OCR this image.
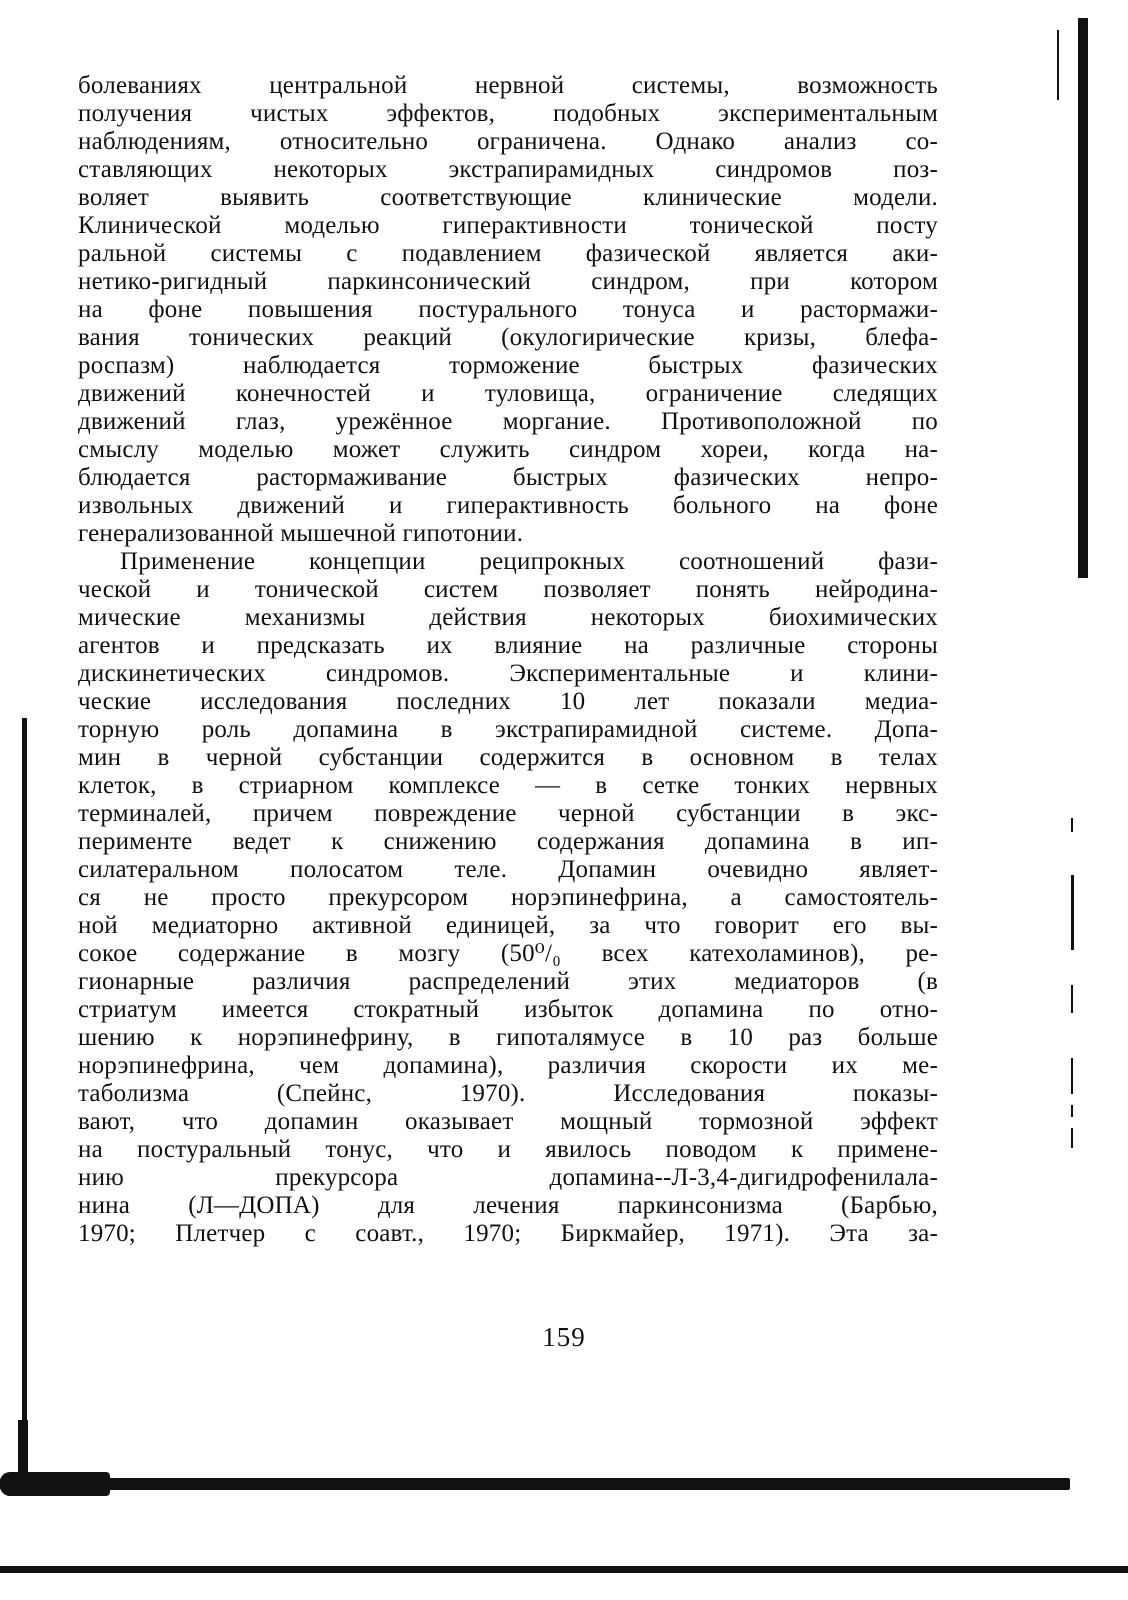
болеваниях центральной нервной системы, возможность
получения чистых эффектов, подобных экспериментальным
наблюдениям, относительно ограничена. Однако анализ со-
ставляющих некоторых экстрапирамидных синдромов поз-
воляет выявить соответствующие клинические модели.
Клинической моделью гиперактивности тонической посту
ральной системы с подавлением фазической является аки-
нетико-ригидный паркинсонический синдром, при котором
на фоне повышения постурального тонуса и растормажи-
вания тонических реакций (окулогирические кризы, блефа-
роспазм) наблюдается торможение быстрых фазических
движений конечностей и туловища, ограничение следящих
движений глаз, урежённое моргание. Противоположной по
смыслу моделью может служить синдром хореи, когда на-
блюдается растормаживание быстрых фазических непро-
извольных движений и гиперактивность больного на фоне
генерализованной мышечной гипотонии.
Применение концепции реципрокных соотношений фази-
ческой и тонической систем позволяет понять нейродина-
мические механизмы действия некоторых биохимических
агентов и предсказать их влияние на различные стороны
дискинетических синдромов. Экспериментальные и клини-
ческие исследования последних 10 лет показали медиа-
торную роль допамина в экстрапирамидной системе. Допа-
мин в черной субстанции содержится в основном в телах
клеток, в стриарном комплексе — в сетке тонких нервных
терминалей, причем повреждение черной субстанции в экс-
перименте ведет к снижению содержания допамина в ип-
силатеральном полосатом теле. Допамин очевидно являет-
ся не просто прекурсором норэпинефрина, а самостоятель-
ной медиаторно активной единицей, за что говорит его вы-
сокое содержание в мозгу (50⁰/₀ всех катехоламинов), ре-
гионарные различия распределений этих медиаторов (в
стриатум имеется стократный избыток допамина по отно-
шению к норэпинефрину, в гипоталямусе в 10 раз больше
норэпинефрина, чем допамина), различия скорости их ме-
таболизма (Спейнс, 1970). Исследования показы-
вают, что допамин оказывает мощный тормозной эффект
на постуральный тонус, что и явилось поводом к примене-
нию прекурсора допамина--Л-3,4-дигидрофенилала-
нина (Л—ДОПА) для лечения паркинсонизма (Барбью,
1970; Плетчер с соавт., 1970; Биркмайер, 1971). Эта за-
159
